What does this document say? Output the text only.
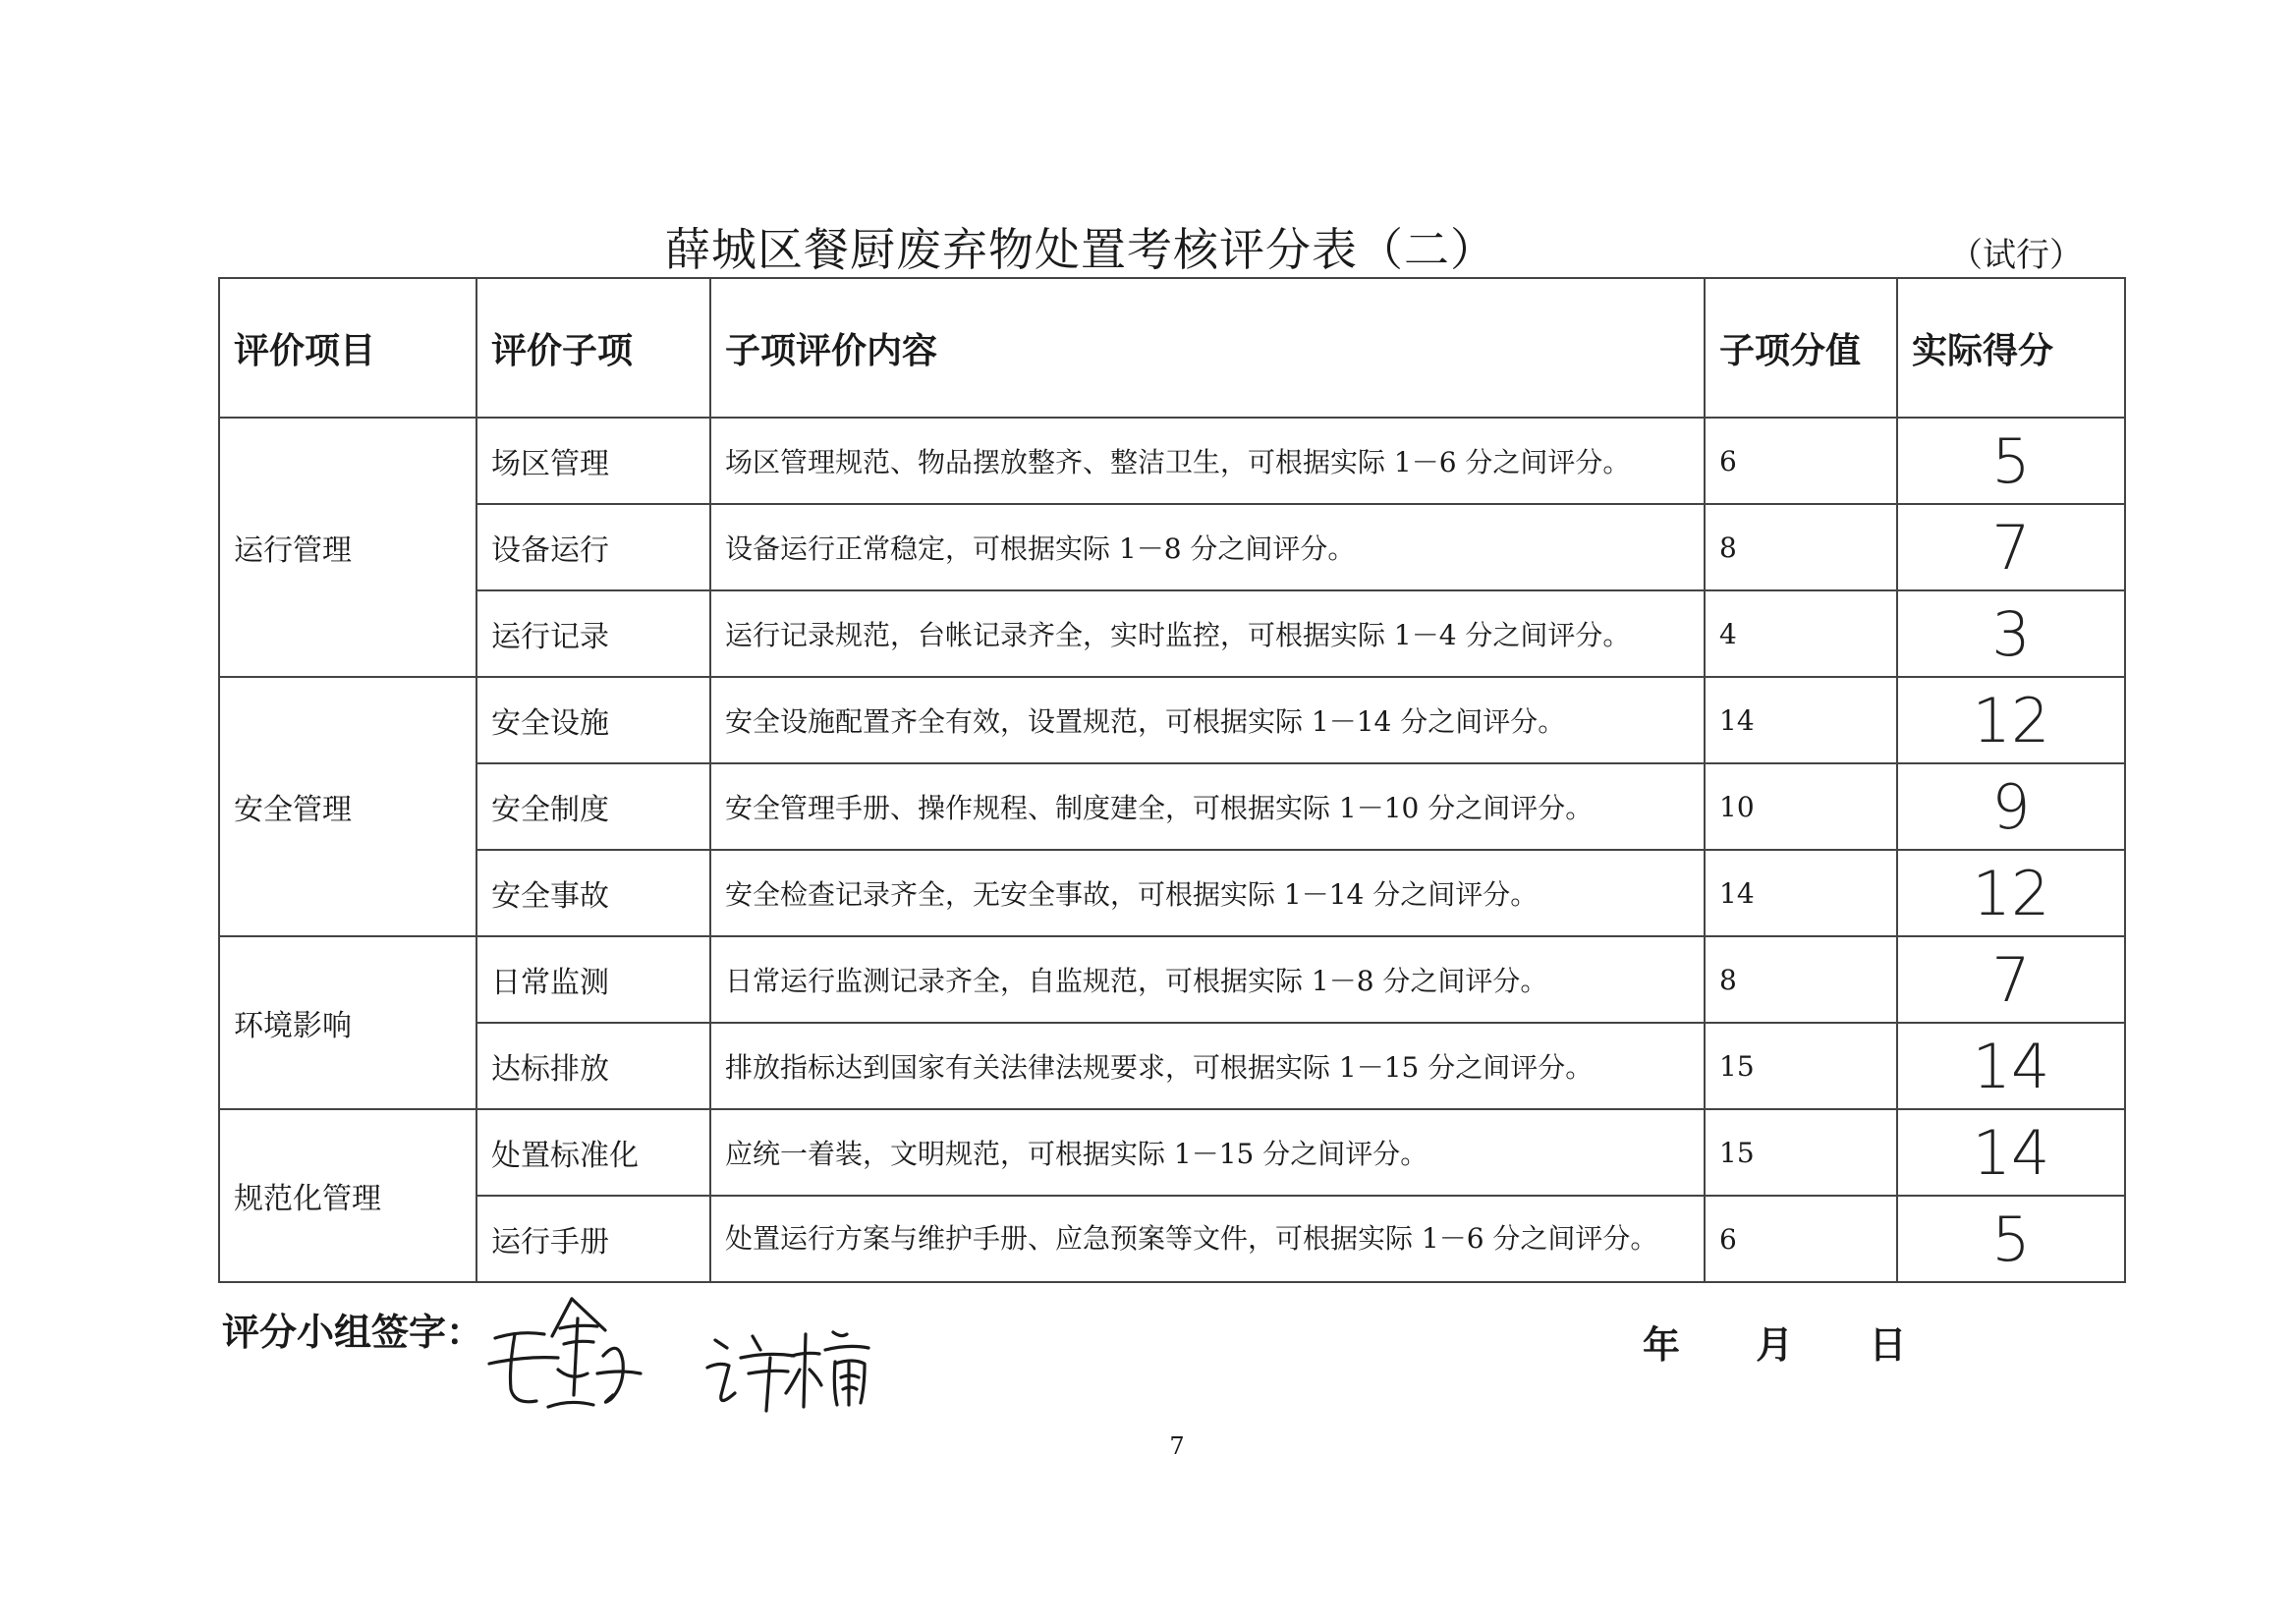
薛城区餐厨废弃物处置考核评分表（二）	（试行）
评价项目	评价子项	子项评价内容	子项分值	实际得分
运行管理	场区管理	场区管理规范、物品摆放整齐、整洁卫生，可根据实际 1－6 分之间评分。	6	5
	设备运行	设备运行正常稳定，可根据实际 1－8 分之间评分。	8	7
	运行记录	运行记录规范，台帐记录齐全，实时监控，可根据实际 1－4 分之间评分。	4	3
安全管理	安全设施	安全设施配置齐全有效，设置规范，可根据实际 1－14 分之间评分。	14	12
	安全制度	安全管理手册、操作规程、制度建全，可根据实际 1－10 分之间评分。	10	9
	安全事故	安全检查记录齐全，无安全事故，可根据实际 1－14 分之间评分。	14	12
环境影响	日常监测	日常运行监测记录齐全，自监规范，可根据实际 1－8 分之间评分。	8	7
	达标排放	排放指标达到国家有关法律法规要求，可根据实际 1－15 分之间评分。	15	14
规范化管理	处置标准化	应统一着装，文明规范，可根据实际 1－15 分之间评分。	15	14
	运行手册	处置运行方案与维护手册、应急预案等文件，可根据实际 1－6 分之间评分。	6	5
评分小组签字：	年 月 日
7
